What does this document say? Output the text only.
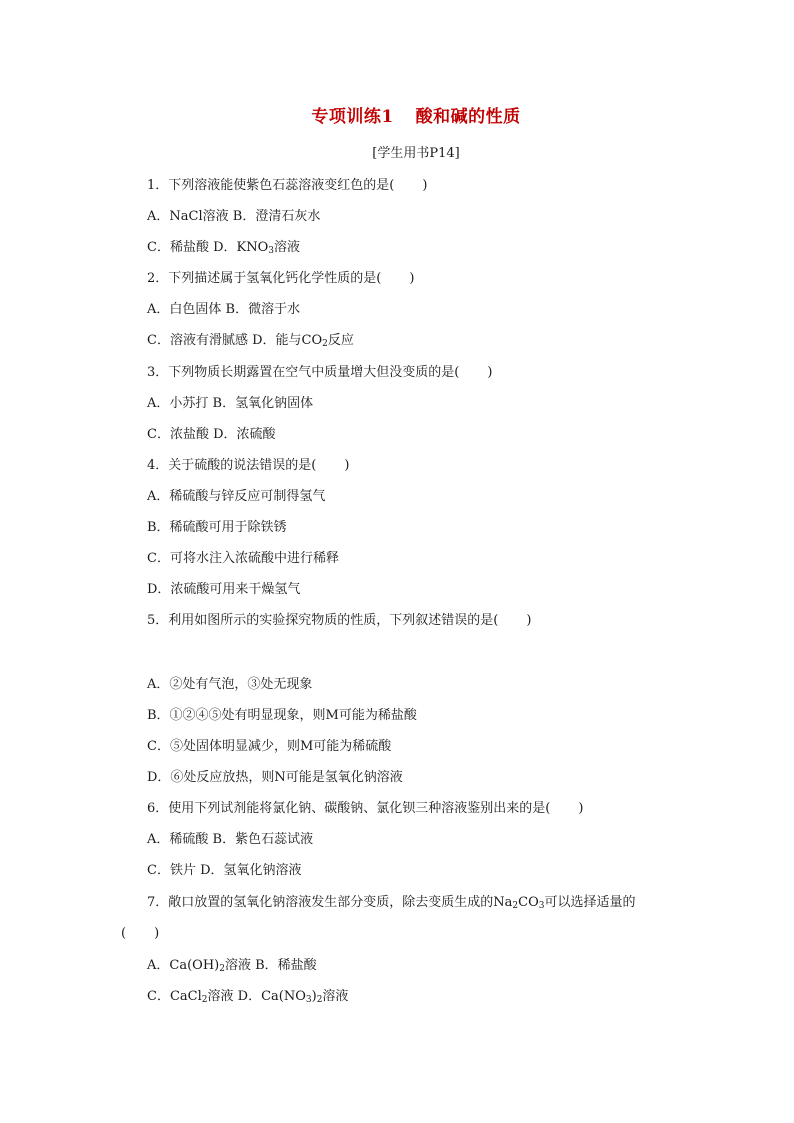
专项训练1 酸和碱的性质
[学生用书P14]
1．下列溶液能使紫色石蕊溶液变红色的是( )
A．NaCl溶液 B．澄清石灰水
C．稀盐酸 D．$KNO_3$溶液
2．下列描述属于氢氧化钙化学性质的是( )
A．白色固体 B．微溶于水
C．溶液有滑腻感 D．能与$CO_2$反应
3．下列物质长期露置在空气中质量增大但没变质的是( )
A．小苏打 B．氢氧化钠固体
C．浓盐酸 D．浓硫酸
4．关于硫酸的说法错误的是( )
A．稀硫酸与锌反应可制得氢气
B．稀硫酸可用于除铁锈
C．可将水注入浓硫酸中进行稀释
D．浓硫酸可用来干燥氢气
5．利用如图所示的实验探究物质的性质，下列叙述错误的是( )
A．②处有气泡，③处无现象
B．①②④⑤处有明显现象，则M可能为稀盐酸
C．⑤处固体明显减少，则M可能为稀硫酸
D．⑥处反应放热，则N可能是氢氧化钠溶液
6．使用下列试剂能将氯化钠、碳酸钠、氯化钡三种溶液鉴别出来的是( )
A．稀硫酸 B．紫色石蕊试液
C．铁片 D．氢氧化钠溶液
7．敞口放置的氢氧化钠溶液发生部分变质，除去变质生成的$Na_2CO_3$可以选择适量的
( )
A．$Ca(OH)_2$溶液 B．稀盐酸
C．CaCl$_2$溶液 D．$Ca(NO_3)_2$溶液
